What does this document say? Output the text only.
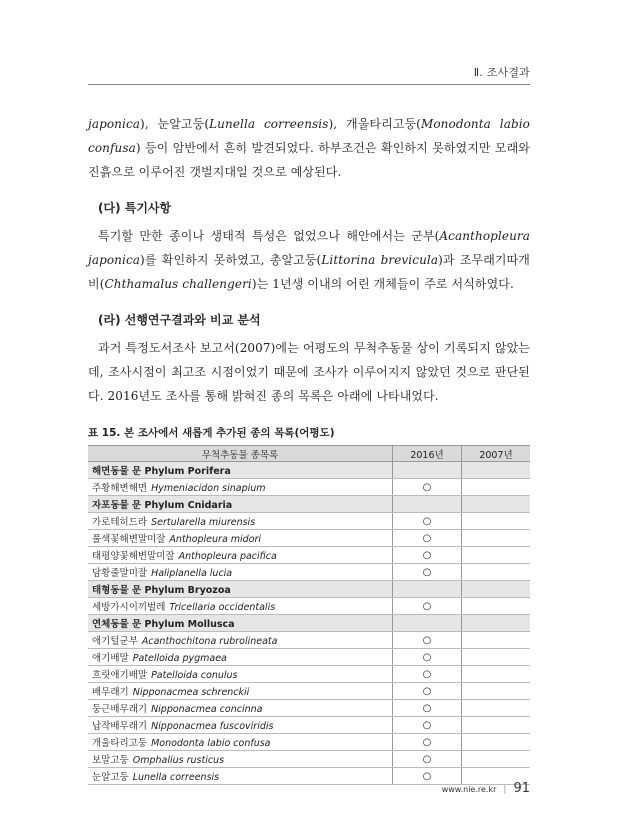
Ⅱ. 조사결과

japonica), 눈알고둥(Lunella correensis), 개울타리고둥(Monodonta labio confusa) 등이 암반에서 흔히 발견되었다. 하부조건은 확인하지 못하였지만 모래와 진흙으로 이루어진 갯벌지대일 것으로 예상된다.

(다) 특기사항

특기할 만한 종이나 생태적 특성은 없었으나 해안에서는 군부(Acanthopleura japonica)를 확인하지 못하였고, 총알고둥(Littorina brevicula)과 조무래기따개비(Chthamalus challengeri)는 1년생 이내의 어린 개체들이 주로 서식하였다.

(라) 선행연구결과와 비교 분석

과거 특정도서조사 보고서(2007)에는 어평도의 무척추동물 상이 기록되지 않았는데, 조사시점이 최고조 시점이었기 때문에 조사가 이루어지지 않았던 것으로 판단된다. 2016년도 조사를 통해 밝혀진 종의 목록은 아래에 나타내었다.

표 15. 본 조사에서 새롭게 추가된 종의 목록(어평도)
무척추동물 종목록	2016년	2007년
해면동물 문 Phylum Porifera		
주황해변해면 Hymeniacidon sinapium	○	
자포동물 문 Phylum Cnidaria		
가로테히드라 Sertularella miurensis	○	
풀색꽃해변말미잘 Anthopleura midori	○	
태평양꽃해변말미잘 Anthopleura pacifica	○	
담황줄말미잘 Haliplanella lucia	○	
태형동물 문 Phylum Bryozoa		
세방가시이끼벌레 Tricellaria occidentalis	○	
연체동물 문 Phylum Mollusca		
애기털군부 Acanthochitona rubrolineata	○	
애기배말 Patelloida pygmaea	○	
흐릿애기배말 Patelloida conulus	○	
배무래기 Nipponacmea schrenckii	○	
둥근배무래기 Nipponacmea concinna	○	
납작배무래기 Nipponacmea fuscoviridis	○	
개울타리고둥 Monodonta labio confusa	○	
보말고둥 Omphalius rusticus	○	
눈알고둥 Lunella correensis	○	
www.nie.re.kr | 91
